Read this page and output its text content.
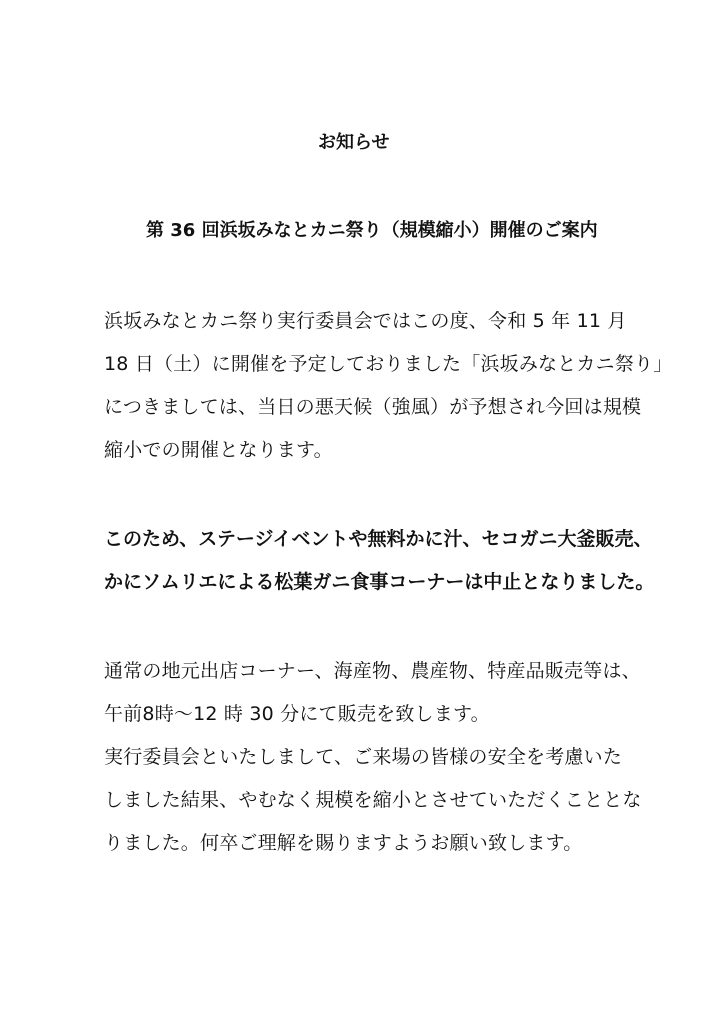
お知らせ
第 36 回浜坂みなとカニ祭り（規模縮小）開催のご案内

浜坂みなとカニ祭り実行委員会ではこの度、令和 5 年 11 月

18 日（土）に開催を予定しておりました「浜坂みなとカニ祭り」

につきましては、当日の悪天候（強風）が予想され今回は規模

縮小での開催となります。

このため、ステージイベントや無料かに汁、セコガニ大釜販売、

かにソムリエによる松葉ガニ食事コーナーは中止となりました。

通常の地元出店コーナー、海産物、農産物、特産品販売等は、

午前8時～12 時 30 分にて販売を致します。

実行委員会といたしまして、ご来場の皆様の安全を考慮いた

しました結果、やむなく規模を縮小とさせていただくこととな

りました。何卒ご理解を賜りますようお願い致します。
